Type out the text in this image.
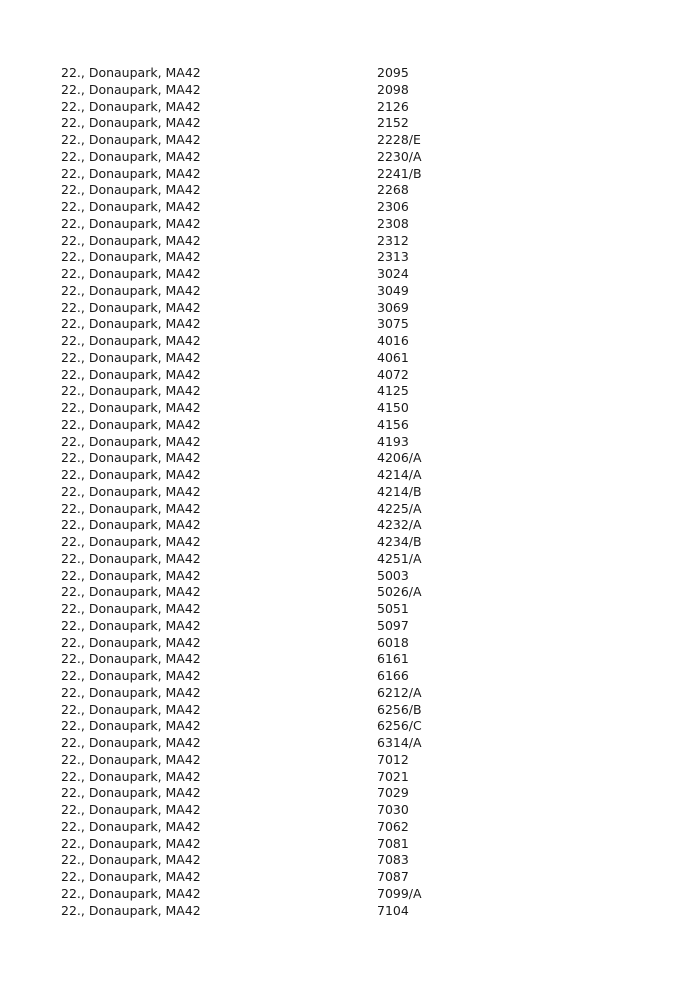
22., Donaupark, MA42	2095
22., Donaupark, MA42	2098
22., Donaupark, MA42	2126
22., Donaupark, MA42	2152
22., Donaupark, MA42	2228/E
22., Donaupark, MA42	2230/A
22., Donaupark, MA42	2241/B
22., Donaupark, MA42	2268
22., Donaupark, MA42	2306
22., Donaupark, MA42	2308
22., Donaupark, MA42	2312
22., Donaupark, MA42	2313
22., Donaupark, MA42	3024
22., Donaupark, MA42	3049
22., Donaupark, MA42	3069
22., Donaupark, MA42	3075
22., Donaupark, MA42	4016
22., Donaupark, MA42	4061
22., Donaupark, MA42	4072
22., Donaupark, MA42	4125
22., Donaupark, MA42	4150
22., Donaupark, MA42	4156
22., Donaupark, MA42	4193
22., Donaupark, MA42	4206/A
22., Donaupark, MA42	4214/A
22., Donaupark, MA42	4214/B
22., Donaupark, MA42	4225/A
22., Donaupark, MA42	4232/A
22., Donaupark, MA42	4234/B
22., Donaupark, MA42	4251/A
22., Donaupark, MA42	5003
22., Donaupark, MA42	5026/A
22., Donaupark, MA42	5051
22., Donaupark, MA42	5097
22., Donaupark, MA42	6018
22., Donaupark, MA42	6161
22., Donaupark, MA42	6166
22., Donaupark, MA42	6212/A
22., Donaupark, MA42	6256/B
22., Donaupark, MA42	6256/C
22., Donaupark, MA42	6314/A
22., Donaupark, MA42	7012
22., Donaupark, MA42	7021
22., Donaupark, MA42	7029
22., Donaupark, MA42	7030
22., Donaupark, MA42	7062
22., Donaupark, MA42	7081
22., Donaupark, MA42	7083
22., Donaupark, MA42	7087
22., Donaupark, MA42	7099/A
22., Donaupark, MA42	7104
